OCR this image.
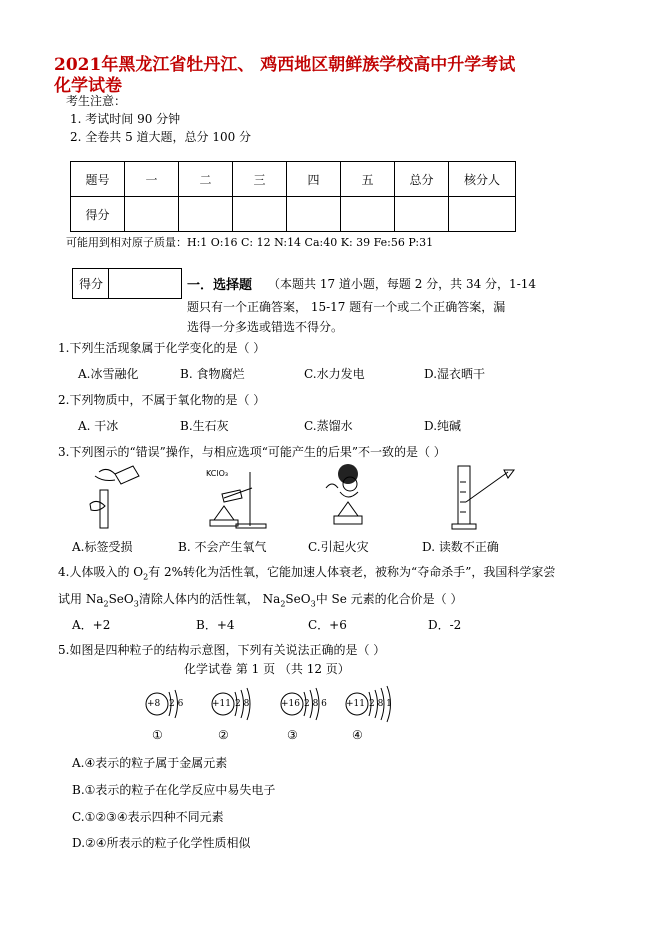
2021年黑龙江省牡丹江、 鸡西地区朝鲜族学校高中升学考试
化学试卷
考生注意：
1. 考试时间 90 分钟
2. 全卷共 5 道大题，总分 100 分
题号	一	二	三	四	五	总分	核分人
得分							
可能用到相对原子质量：H:1 O:16 C: 12 N:14 Ca:40 K: 39 Fe:56 P:31
得分	一．选择题 （本题共 17 道小题，每题 2 分，共 34 分，1-14
题只有一个正确答案， 15-17 题有一个或二个正确答案，漏
选得一分多选或错选不得分。
1.下列生活现象属于化学变化的是（ ）
A.冰雪融化	B. 食物腐烂	C.水力发电	D.湿衣晒干
2.下列物质中，不属于氧化物的是（ ）
A. 干冰	B.生石灰	C.蒸馏水	D.纯碱
3.下列图示的“错误”操作，与相应选项“可能产生的后果”不一致的是（ ）
KClO₃
A.标签受损	B. 不会产生氧气	C.引起火灾	D. 读数不正确
4.人体吸入的 $O_2$有 2%转化为活性氧，它能加速人体衰老，被称为“夺命杀手”，我国科学家尝
试用 $Na_2SeO_3$清除人体内的活性氧， $Na_2SeO_3$中 Se 元素的化合价是（ ）
A．+2	B．+4	C．+6	D．-2
5.如图是四种粒子的结构示意图，下列有关说法正确的是（ ）
化学试卷 第 1 页 （共 12 页）
+8 2 6	+11 2 8	+16 2 8 6 +11 2 8 1
①	②	③	④
A.④表示的粒子属于金属元素
B.①表示的粒子在化学反应中易失电子
C.①②③④表示四种不同元素
D.②④所表示的粒子化学性质相似
